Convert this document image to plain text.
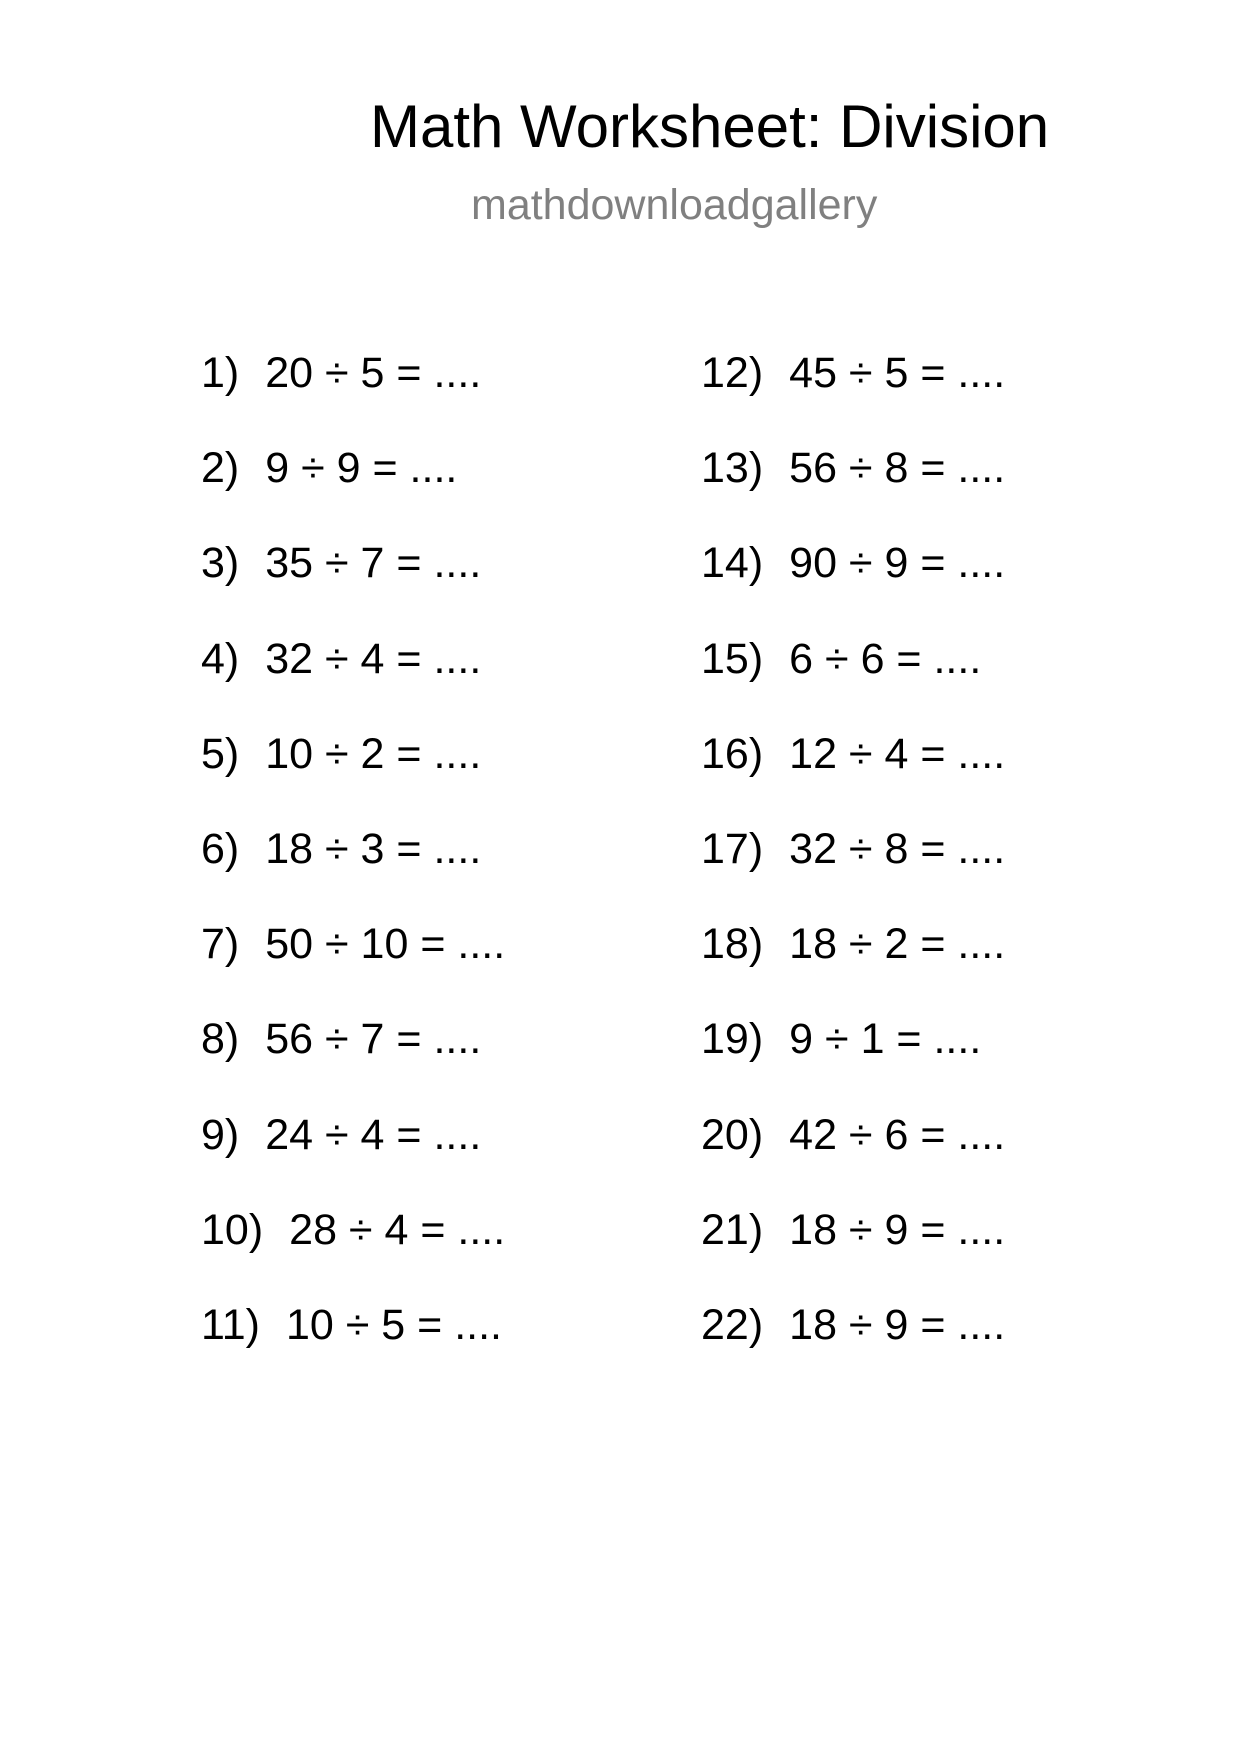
Math Worksheet: Division
mathdownloadgallery
1) 20 ÷ 5 = ....
2) 9 ÷ 9 = ....
3) 35 ÷ 7 = ....
4) 32 ÷ 4 = ....
5) 10 ÷ 2 = ....
6) 18 ÷ 3 = ....
7) 50 ÷ 10 = ....
8) 56 ÷ 7 = ....
9) 24 ÷ 4 = ....
10) 28 ÷ 4 = ....
11) 10 ÷ 5 = ....
12) 45 ÷ 5 = ....
13) 56 ÷ 8 = ....
14) 90 ÷ 9 = ....
15) 6 ÷ 6 = ....
16) 12 ÷ 4 = ....
17) 32 ÷ 8 = ....
18) 18 ÷ 2 = ....
19) 9 ÷ 1 = ....
20) 42 ÷ 6 = ....
21) 18 ÷ 9 = ....
22) 18 ÷ 9 = ....
